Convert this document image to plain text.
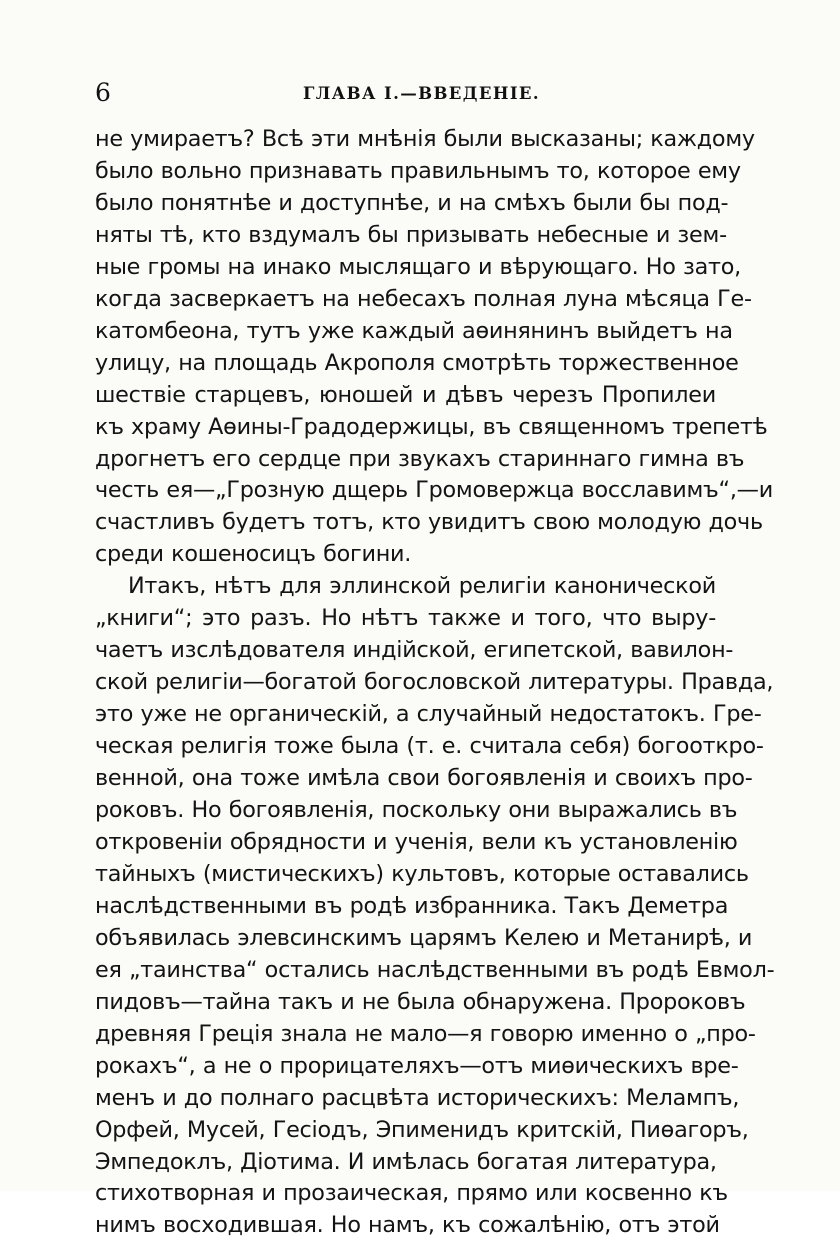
6	ГЛАВА I.—ВВЕДЕНІЕ.

не умираетъ? Всѣ эти мнѣнія были высказаны; каждому
было вольно признавать правильнымъ то, которое ему
было понятнѣе и доступнѣе, и на смѣхъ были бы под-
няты тѣ, кто вздумалъ бы призывать небесные и зем-
ные громы на инако мыслящаго и вѣрующаго. Но зато,
когда засверкаетъ на небесахъ полная луна мѣсяца Ге-
катомбеона, тутъ уже каждый аѳинянинъ выйдетъ на
улицу, на площадь Акрополя смотрѣть торжественное
шествіе старцевъ, юношей и дѣвъ черезъ Пропилеи
къ храму Аѳины-Градодержицы, въ священномъ трепетѣ
дрогнетъ его сердце при звукахъ стариннаго гимна въ
честь ея—„Грозную дщерь Громовержца восславимъ“,—и
счастливъ будетъ тотъ, кто увидитъ свою молодую дочь
среди кошеносицъ богини.

Итакъ, нѣтъ для эллинской религіи канонической
„книги“; это разъ. Но нѣтъ также и того, что выру-
чаетъ изслѣдователя индійской, египетской, вавилон-
ской религіи—богатой богословской литературы. Правда,
это уже не органическій, а случайный недостатокъ. Гре-
ческая религія тоже была (т. е. считала себя) богооткро-
венной, она тоже имѣла свои богоявленія и своихъ про-
роковъ. Но богоявленія, поскольку они выражались въ
откровеніи обрядности и ученія, вели къ установленію
тайныхъ (мистическихъ) культовъ, которые оставались
наслѣдственными въ родѣ избранника. Такъ Деметра
объявилась элевсинскимъ царямъ Келею и Метанирѣ, и
ея „таинства“ остались наслѣдственными въ родѣ Евмол-
пидовъ—тайна такъ и не была обнаружена. Пророковъ
древняя Греція знала не мало—я говорю именно о „про-
рокахъ“, а не о прорицателяхъ—отъ миѳическихъ вре-
менъ и до полнаго расцвѣта историческихъ: Мелампъ,
Орфей, Мусей, Гесіодъ, Эпименидъ критскій, Пиѳагоръ,
Эмпедоклъ, Діотима. И имѣлась богатая литература,
стихотворная и прозаическая, прямо или косвенно къ
нимъ восходившая. Но намъ, къ сожалѣнію, отъ этой
